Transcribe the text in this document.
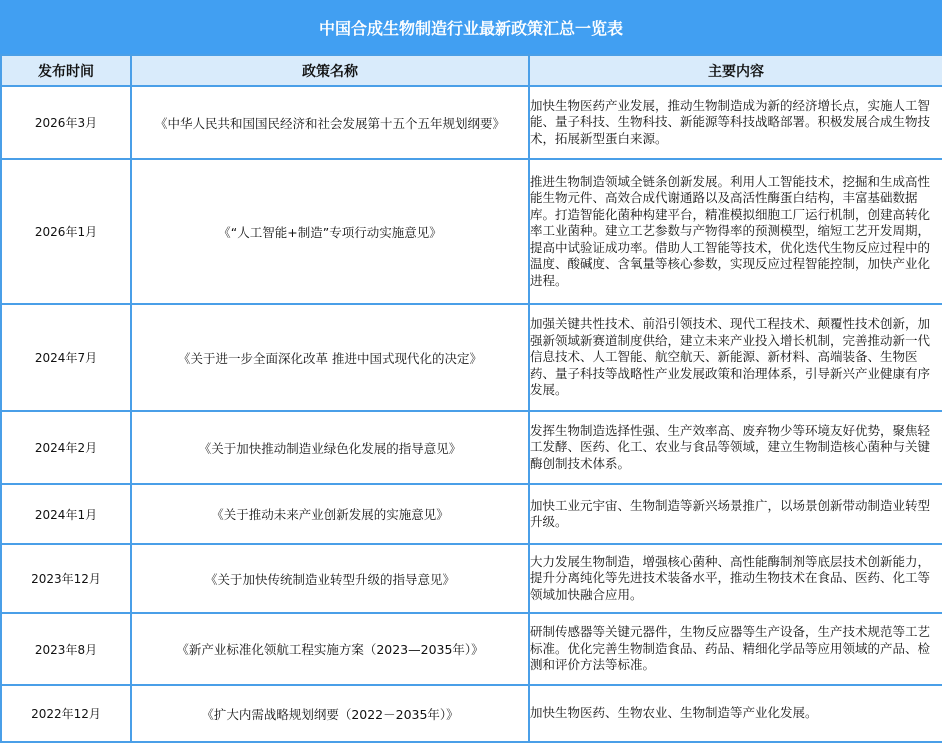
中国合成生物制造行业最新政策汇总一览表
发布时间	政策名称	主要内容
2026年3月	《中华人民共和国国民经济和社会发展第十五个五年规划纲要》	加快生物医药产业发展，推动生物制造成为新的经济增长点，实施人工智能、量子科技、生物科技、新能源等科技战略部署。积极发展合成生物技术，拓展新型蛋白来源。
2026年1月	《“人工智能+制造”专项行动实施意见》	推进生物制造领域全链条创新发展。利用人工智能技术，挖掘和生成高性能生物元件、高效合成代谢通路以及高活性酶蛋白结构，丰富基础数据库。打造智能化菌种构建平台，精准模拟细胞工厂运行机制，创建高转化率工业菌种。建立工艺参数与产物得率的预测模型，缩短工艺开发周期，提高中试验证成功率。借助人工智能等技术，优化迭代生物反应过程中的温度、酸碱度、含氧量等核心参数，实现反应过程智能控制，加快产业化进程。
2024年7月	《关于进一步全面深化改革 推进中国式现代化的决定》	加强关键共性技术、前沿引领技术、现代工程技术、颠覆性技术创新，加强新领域新赛道制度供给，建立未来产业投入增长机制，完善推动新一代信息技术、人工智能、航空航天、新能源、新材料、高端装备、生物医药、量子科技等战略性产业发展政策和治理体系，引导新兴产业健康有序发展。
2024年2月	《关于加快推动制造业绿色化发展的指导意见》	发挥生物制造选择性强、生产效率高、废弃物少等环境友好优势，聚焦轻工发酵、医药、化工、农业与食品等领域，建立生物制造核心菌种与关键酶创制技术体系。
2024年1月	《关于推动未来产业创新发展的实施意见》	加快工业元宇宙、生物制造等新兴场景推广，以场景创新带动制造业转型升级。
2023年12月	《关于加快传统制造业转型升级的指导意见》	大力发展生物制造，增强核心菌种、高性能酶制剂等底层技术创新能力，提升分离纯化等先进技术装备水平，推动生物技术在食品、医药、化工等领域加快融合应用。
2023年8月	《新产业标准化领航工程实施方案（2023—2035年）》	研制传感器等关键元器件，生物反应器等生产设备，生产技术规范等工艺标准。优化完善生物制造食品、药品、精细化学品等应用领域的产品、检测和评价方法等标准。
2022年12月	《扩大内需战略规划纲要（2022－2035年）》	加快生物医药、生物农业、生物制造等产业化发展。
